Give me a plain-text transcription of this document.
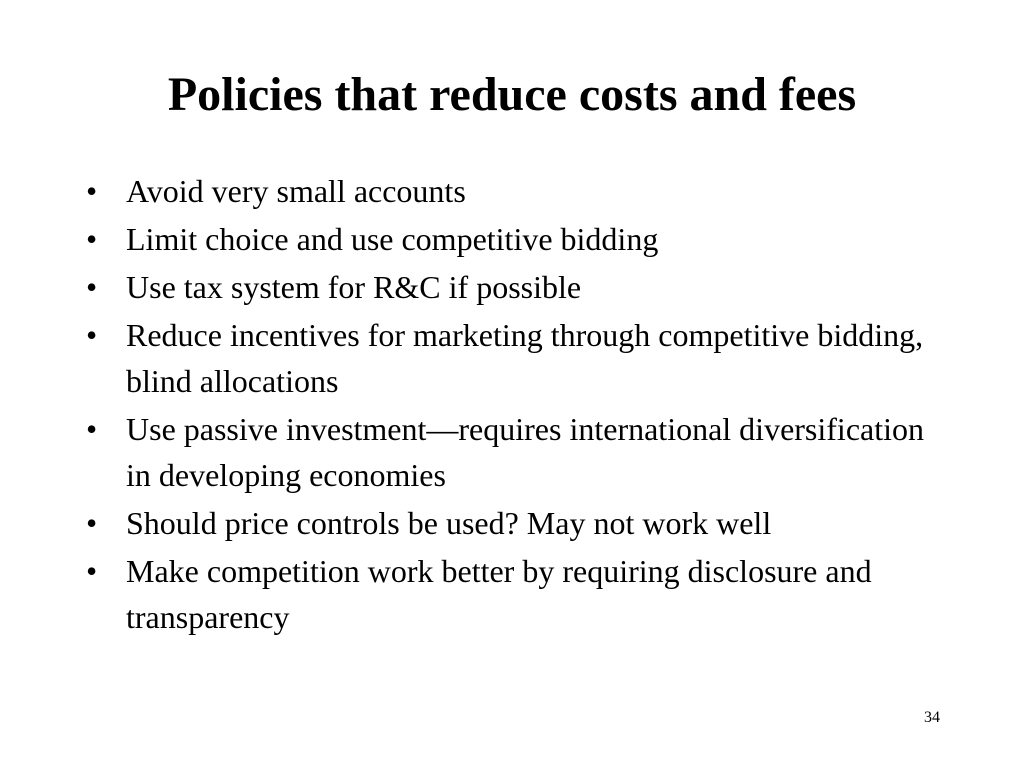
Policies that reduce costs and fees
• Avoid very small accounts
• Limit choice and use competitive bidding
• Use tax system for R&C if possible
• Reduce incentives for marketing through competitive bidding, blind allocations
• Use passive investment—requires international diversification in developing economies
• Should price controls be used? May not work well
• Make competition work better by requiring disclosure and transparency
34
